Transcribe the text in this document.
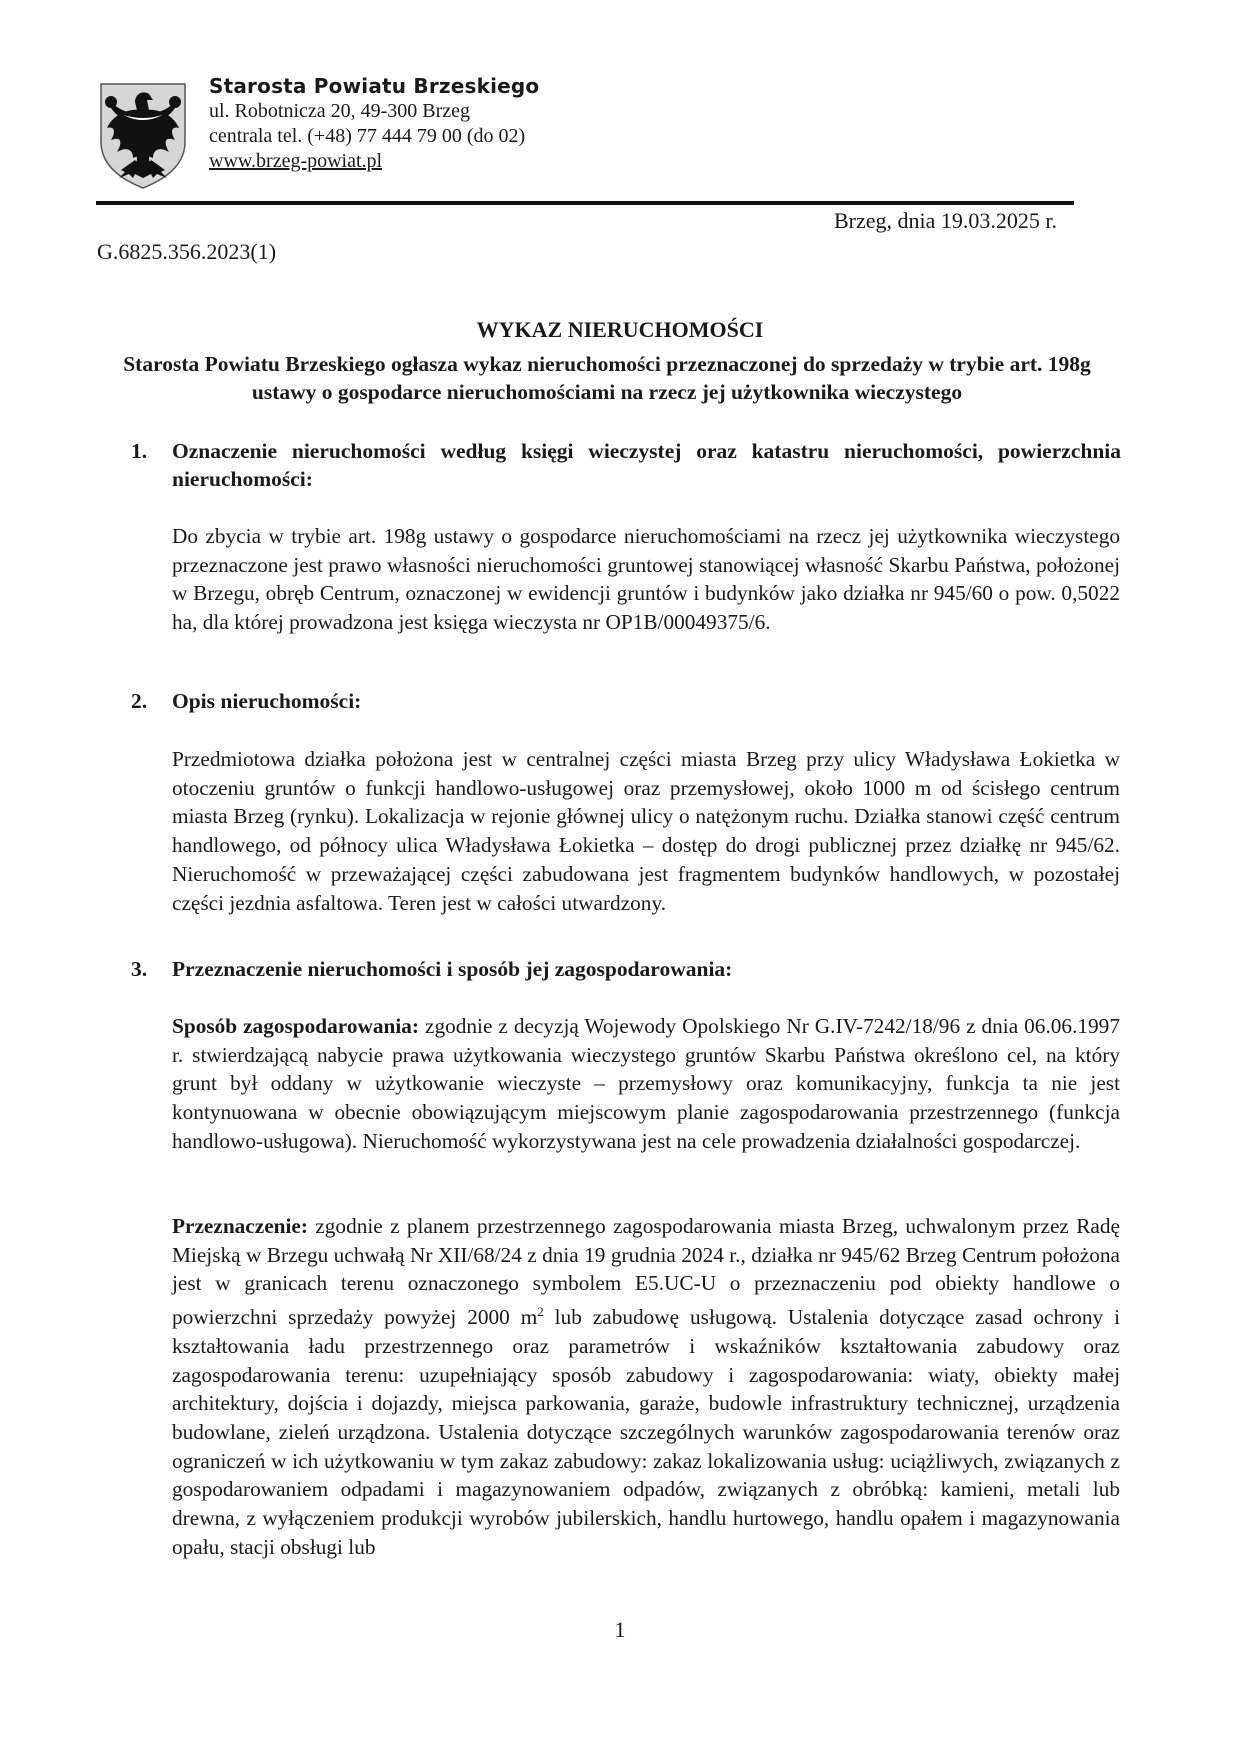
Starosta Powiatu Brzeskiego
ul. Robotnicza 20, 49-300 Brzeg
centrala tel. (+48) 77 444 79 00 (do 02)
www.brzeg-powiat.pl
Brzeg, dnia 19.03.2025 r.
G.6825.356.2023(1)
WYKAZ NIERUCHOMOŚCI
Starosta Powiatu Brzeskiego ogłasza wykaz nieruchomości przeznaczonej do sprzedaży w trybie art. 198g ustawy o gospodarce nieruchomościami na rzecz jej użytkownika wieczystego
1. Oznaczenie nieruchomości według księgi wieczystej oraz katastru nieruchomości, powierzchnia nieruchomości:
Do zbycia w trybie art. 198g ustawy o gospodarce nieruchomościami na rzecz jej użytkownika wieczystego przeznaczone jest prawo własności nieruchomości gruntowej stanowiącej własność Skarbu Państwa, położonej w Brzegu, obręb Centrum, oznaczonej w ewidencji gruntów i budynków jako działka nr 945/60 o pow. 0,5022 ha, dla której prowadzona jest księga wieczysta nr OP1B/00049375/6.
2. Opis nieruchomości:
Przedmiotowa działka położona jest w centralnej części miasta Brzeg przy ulicy Władysława Łokietka w otoczeniu gruntów o funkcji handlowo-usługowej oraz przemysłowej, około 1000 m od ścisłego centrum miasta Brzeg (rynku). Lokalizacja w rejonie głównej ulicy o natężonym ruchu. Działka stanowi część centrum handlowego, od północy ulica Władysława Łokietka – dostęp do drogi publicznej przez działkę nr 945/62. Nieruchomość w przeważającej części zabudowana jest fragmentem budynków handlowych, w pozostałej części jezdnia asfaltowa. Teren jest w całości utwardzony.
3. Przeznaczenie nieruchomości i sposób jej zagospodarowania:
Sposób zagospodarowania: zgodnie z decyzją Wojewody Opolskiego Nr G.IV-7242/18/96 z dnia 06.06.1997 r. stwierdzającą nabycie prawa użytkowania wieczystego gruntów Skarbu Państwa określono cel, na który grunt był oddany w użytkowanie wieczyste – przemysłowy oraz komunikacyjny, funkcja ta nie jest kontynuowana w obecnie obowiązującym miejscowym planie zagospodarowania przestrzennego (funkcja handlowo-usługowa). Nieruchomość wykorzystywana jest na cele prowadzenia działalności gospodarczej.
Przeznaczenie: zgodnie z planem przestrzennego zagospodarowania miasta Brzeg, uchwalonym przez Radę Miejską w Brzegu uchwałą Nr XII/68/24 z dnia 19 grudnia 2024 r., działka nr 945/62 Brzeg Centrum położona jest w granicach terenu oznaczonego symbolem E5.UC-U o przeznaczeniu pod obiekty handlowe o powierzchni sprzedaży powyżej 2000 $m^2$ lub zabudowę usługową. Ustalenia dotyczące zasad ochrony i kształtowania ładu przestrzennego oraz parametrów i wskaźników kształtowania zabudowy oraz zagospodarowania terenu: uzupełniający sposób zabudowy i zagospodarowania: wiaty, obiekty małej architektury, dojścia i dojazdy, miejsca parkowania, garaże, budowle infrastruktury technicznej, urządzenia budowlane, zieleń urządzona. Ustalenia dotyczące szczególnych warunków zagospodarowania terenów oraz ograniczeń w ich użytkowaniu w tym zakaz zabudowy: zakaz lokalizowania usług: uciążliwych, związanych z gospodarowaniem odpadami i magazynowaniem odpadów, związanych z obróbką: kamieni, metali lub drewna, z wyłączeniem produkcji wyrobów jubilerskich, handlu hurtowego, handlu opałem i magazynowania opału, stacji obsługi lub
1
